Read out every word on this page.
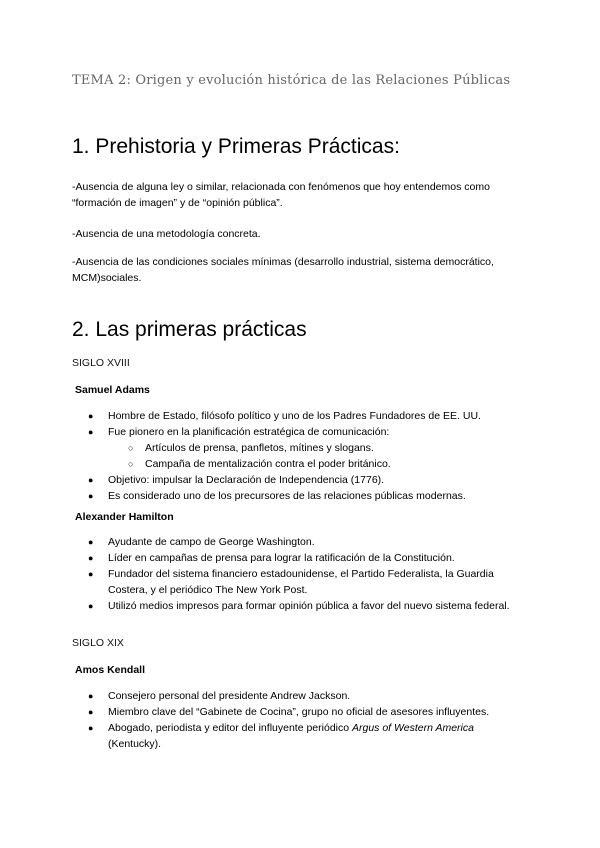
TEMA 2: Origen y evolución histórica de las Relaciones Públicas
1. Prehistoria y Primeras Prácticas:
-Ausencia de alguna ley o similar, relacionada con fenómenos que hoy entendemos como “formación de imagen” y de “opinión pública”.
-Ausencia de una metodología concreta.
-Ausencia de las condiciones sociales mínimas (desarrollo industrial, sistema democrático, MCM)sociales.
2. Las primeras prácticas
SIGLO XVIII
Samuel Adams
● Hombre de Estado, filósofo político y uno de los Padres Fundadores de EE. UU.
● Fue pionero en la planificación estratégica de comunicación:
○ Artículos de prensa, panfletos, mítines y slogans.
○ Campaña de mentalización contra el poder británico.
● Objetivo: impulsar la Declaración de Independencia (1776).
● Es considerado uno de los precursores de las relaciones públicas modernas.
Alexander Hamilton
● Ayudante de campo de George Washington.
● Líder en campañas de prensa para lograr la ratificación de la Constitución.
● Fundador del sistema financiero estadounidense, el Partido Federalista, la Guardia Costera, y el periódico The New York Post.
● Utilizó medios impresos para formar opinión pública a favor del nuevo sistema federal.
SIGLO XIX
Amos Kendall
● Consejero personal del presidente Andrew Jackson.
● Miembro clave del “Gabinete de Cocina”, grupo no oficial de asesores influyentes.
● Abogado, periodista y editor del influyente periódico Argus of Western America
(Kentucky).
